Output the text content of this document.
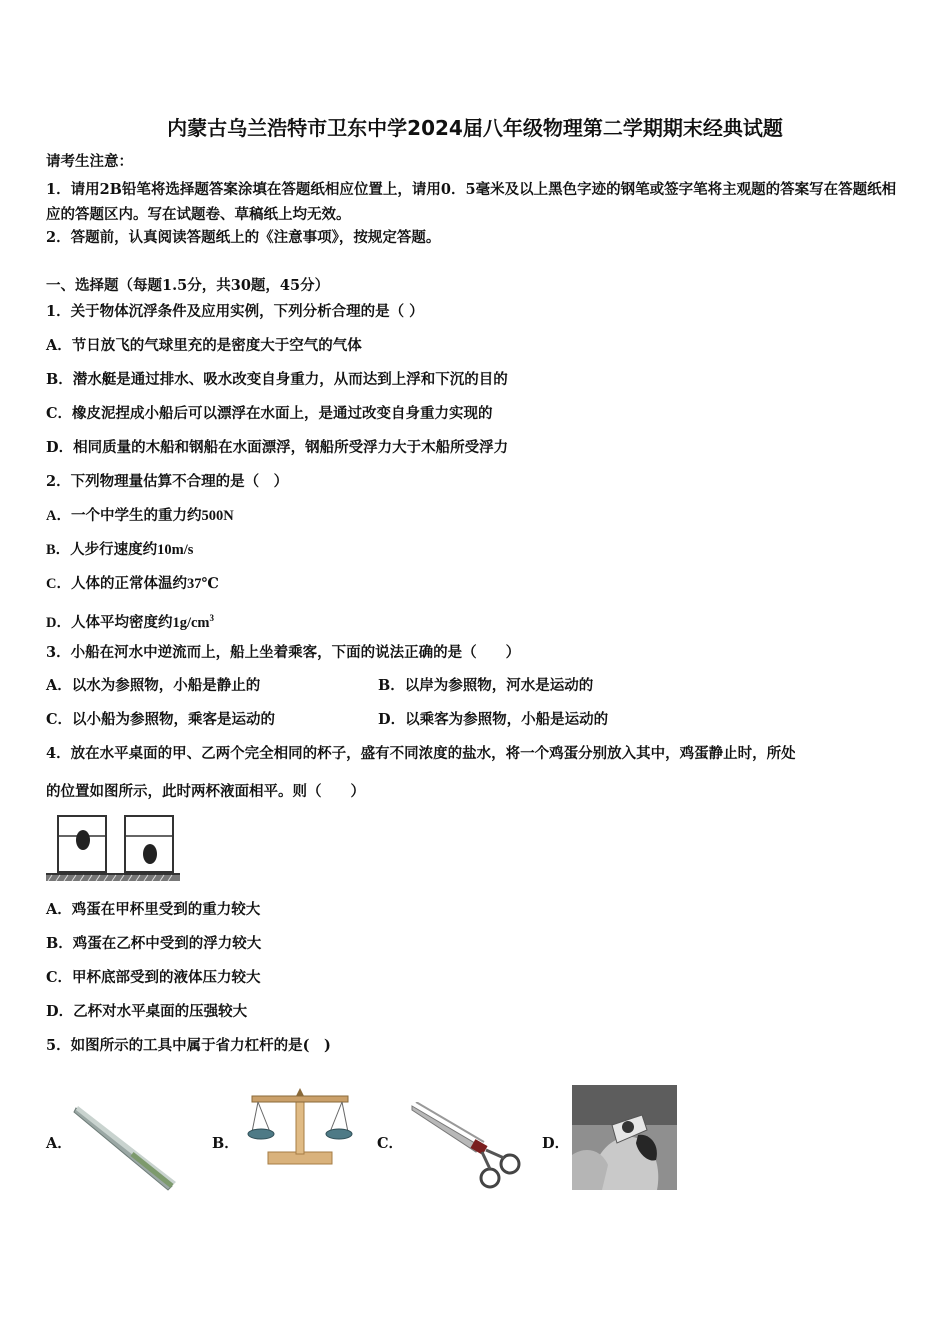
内蒙古乌兰浩特市卫东中学2024届八年级物理第二学期期末经典试题
请考生注意：
1．请用2B铅笔将选择题答案涂填在答题纸相应位置上，请用0．5毫米及以上黑色字迹的钢笔或签字笔将主观题的答案写在答题纸相应的答题区内。写在试题卷、草稿纸上均无效。
2．答题前，认真阅读答题纸上的《注意事项》，按规定答题。
一、选择题（每题1.5分，共30题，45分）
1．关于物体沉浮条件及应用实例，下列分析合理的是（ ）
A．节日放飞的气球里充的是密度大于空气的气体
B．潜水艇是通过排水、吸水改变自身重力，从而达到上浮和下沉的目的
C．橡皮泥捏成小船后可以漂浮在水面上，是通过改变自身重力实现的
D．相同质量的木船和钢船在水面漂浮，钢船所受浮力大于木船所受浮力
2．下列物理量估算不合理的是（　）
A．一个中学生的重力约500N
B．人步行速度约10m/s
C．人体的正常体温约37℃
D．人体平均密度约$1g/cm^3$
3．小船在河水中逆流而上，船上坐着乘客，下面的说法正确的是（　　）
A．以水为参照物，小船是静止的	B．以岸为参照物，河水是运动的
C．以小船为参照物，乘客是运动的	D．以乘客为参照物，小船是运动的
4．放在水平桌面的甲、乙两个完全相同的杯子，盛有不同浓度的盐水，将一个鸡蛋分别放入其中，鸡蛋静止时，所处
的位置如图所示，此时两杯液面相平。则（　　）
A．鸡蛋在甲杯里受到的重力较大
B．鸡蛋在乙杯中受到的浮力较大
C．甲杯底部受到的液体压力较大
D．乙杯对水平桌面的压强较大
5．如图所示的工具中属于省力杠杆的是(　)
A．	B．	C．	D．
